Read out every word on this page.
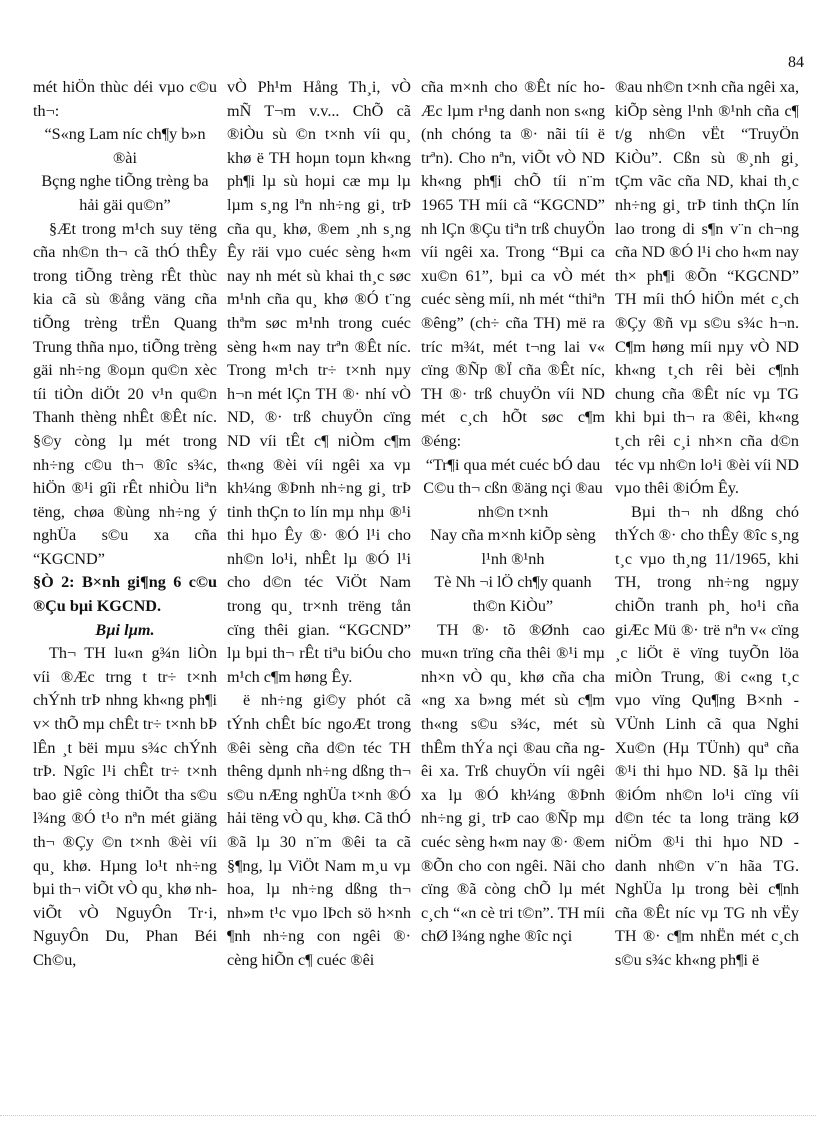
84

mét hiÖn thùc déi vµo c©u th¬:

“S«ng Lam níc ch¶y b»n ®ài

Bçng nghe tiÕng trèng ba hải gäi qu©n”

§Æt trong m¹ch suy tëng cña nh©n th¬ cã thÓ thÊy trong tiÕng trèng rÊt thùc kia cã sù ®ång väng cña tiÕng trèng trËn Quang Trung thña nµo, tiÕng trèng gäi nh÷ng ®oµn qu©n xèc tíi tiÒn diÖt 20 v¹n qu©n Thanh thèng nhÊt ®Êt níc. §©y còng lµ mét trong nh÷ng c©u th¬ ®îc s¾c, hiÖn ®¹i gîi rÊt nhiÒu liªn tëng, chøa ®ùng nh÷ng ý nghÜa s©u xa cña “KGCND”

§Ò 2: B×nh gi¶ng 6 c©u ®Çu bµi KGCND.

Bµi lµm.

Th¬ TH lu«n g¾n liÒn víi ®Æc trng t tr÷ t×nh chÝnh trÞ nhng kh«ng ph¶i v× thÕ mµ chÊt tr÷ t×nh bÞ lÊn ¸t bëi mµu s¾c chÝnh trÞ. Ngîc l¹i chÊt tr÷ t×nh bao giê còng thiÕt tha s©u l¾ng ®Ó t¹o nªn mét giäng th¬ ®Çy ©n t×nh ®èi víi qu¸ khø. Hµng lo¹t nh÷ng bµi th¬ viÕt vÒ qu¸ khø nh viÕt vÒ NguyÔn Tr·i, NguyÔn Du, Phan Béi Ch©u,

vÒ Ph¹m Hång Th¸i, vÒ mÑ T¬m v.v... ChÕ cã ®iÒu sù ©n t×nh víi qu¸ khø ë TH hoµn toµn kh«ng ph¶i lµ sù hoµi cæ mµ lµ lµm s¸ng lªn nh÷ng gi¸ trÞ cña qu¸ khø, ®em ¸nh s¸ng Êy räi vµo cuéc sèng h«m nay nh mét sù khai th¸c søc m¹nh cña qu¸ khø ®Ó t¨ng thªm søc m¹nh trong cuéc sèng h«m nay trªn ®Êt níc. Trong m¹ch tr÷ t×nh nµy h¬n mét lÇn TH ®· nhí vÒ ND, ®· trß chuyÖn cïng ND víi tÊt c¶ niÒm c¶m th«ng ®èi víi ngêi xa vµ kh¼ng ®Þnh nh÷ng gi¸ trÞ tinh thÇn to lín mµ nhµ ®¹i thi hµo Êy ®· ®Ó l¹i cho nh©n lo¹i, nhÊt lµ ®Ó l¹i cho d©n téc ViÖt Nam trong qu¸ tr×nh trëng tån cïng thêi gian. “KGCND” lµ bµi th¬ rÊt tiªu biÓu cho m¹ch c¶m høng Êy.

ë nh÷ng gi©y phót cã tÝnh chÊt bíc ngoÆt trong ®êi sèng cña d©n téc TH thêng dµnh nh÷ng dßng th¬ s©u nÆng nghÜa t×nh ®Ó hải tëng vÒ qu¸ khø. Cã thÓ ®ã lµ 30 n¨m ®êi ta cã §¶ng, lµ ViÖt Nam m¸u vµ hoa, lµ nh÷ng dßng th¬ nh»m t¹c vµo lÞch sö h×nh ¶nh nh÷ng con ngêi ®· cèng hiÕn c¶ cuéc ®êi

cña m×nh cho ®Êt níc hoÆc lµm r¹ng danh non s«ng (nh chóng ta ®· nãi tíi ë trªn). Cho nªn, viÕt vÒ ND kh«ng ph¶i chÕ tíi n¨m 1965 TH míi cã “KGCND” nh lÇn ®Çu tiªn trß chuyÖn víi ngêi xa. Trong “Bµi ca xu©n 61”, bµi ca vÒ mét cuéc sèng míi, nh mét “thiªn ®êng” (ch÷ cña TH) më ra tríc m¾t, mét t¬ng lai v« cïng ®Ñp ®Ï cña ®Êt níc, TH ®· trß chuyÖn víi ND mét c¸ch hÕt søc c¶m ®éng:

“Tr¶i qua mét cuéc bÓ dau

C©u th¬ cßn ®äng nçi ®au nh©n t×nh

Nay cña m×nh kiÕp sèng l¹nh ®¹nh

Tè Nh ¬i lÖ ch¶y quanh th©n KiÒu”

TH ®· tõ ®Ønh cao mu«n trïng cña thêi ®¹i mµ nh×n vÒ qu¸ khø cña cha «ng xa b»ng mét sù c¶m th«ng s©u s¾c, mét sù thÊm thÝa nçi ®au cña ngêi xa. Trß chuyÖn víi ngêi xa lµ ®Ó kh¼ng ®Þnh nh÷ng gi¸ trÞ cao ®Ñp mµ cuéc sèng h«m nay ®· ®em ®Õn cho con ngêi. Nãi cho cïng ®ã còng chÕ lµ mét c¸ch “«n cè tri t©n”. TH míi chØ l¾ng nghe ®îc nçi

®au nh©n t×nh cña ngêi xa, kiÕp sèng l¹nh ®¹nh cña c¶ t/g nh©n vËt “TruyÖn KiÒu”. Cßn sù ®¸nh gi¸ tÇm vãc cña ND, khai th¸c nh÷ng gi¸ trÞ tinh thÇn lín lao trong di s¶n v¨n ch¬ng cña ND ®Ó l¹i cho h«m nay th× ph¶i ®Õn “KGCND” TH míi thÓ hiÖn mét c¸ch ®Çy ®ñ vµ s©u s¾c h¬n. C¶m høng míi nµy vÒ ND kh«ng t¸ch rêi bèi c¶nh chung cña ®Êt níc vµ TG khi bµi th¬ ra ®êi, kh«ng t¸ch rêi c¸i nh×n cña d©n téc vµ nh©n lo¹i ®èi víi ND vµo thêi ®iÓm Êy.

Bµi th¬ nh dßng chó thÝch ®· cho thÊy ®îc s¸ng t¸c vµo th¸ng 11/1965, khi TH, trong nh÷ng ngµy chiÕn tranh ph¸ ho¹i cña giÆc Mü ®· trë nªn v« cïng ¸c liÖt ë vïng tuyÕn löa miÒn Trung, ®i c«ng t¸c vµo vïng Qu¶ng B×nh - VÜnh Linh cã qua Nghi Xu©n (Hµ TÜnh) quª cña ®¹i thi hµo ND. §ã lµ thêi ®iÓm nh©n lo¹i cïng víi d©n téc ta long träng kØ niÖm ®¹i thi hµo ND - danh nh©n v¨n hãa TG. NghÜa lµ trong bèi c¶nh cña ®Êt níc vµ TG nh vËy TH ®· c¶m nhËn mét c¸ch s©u s¾c kh«ng ph¶i ë
